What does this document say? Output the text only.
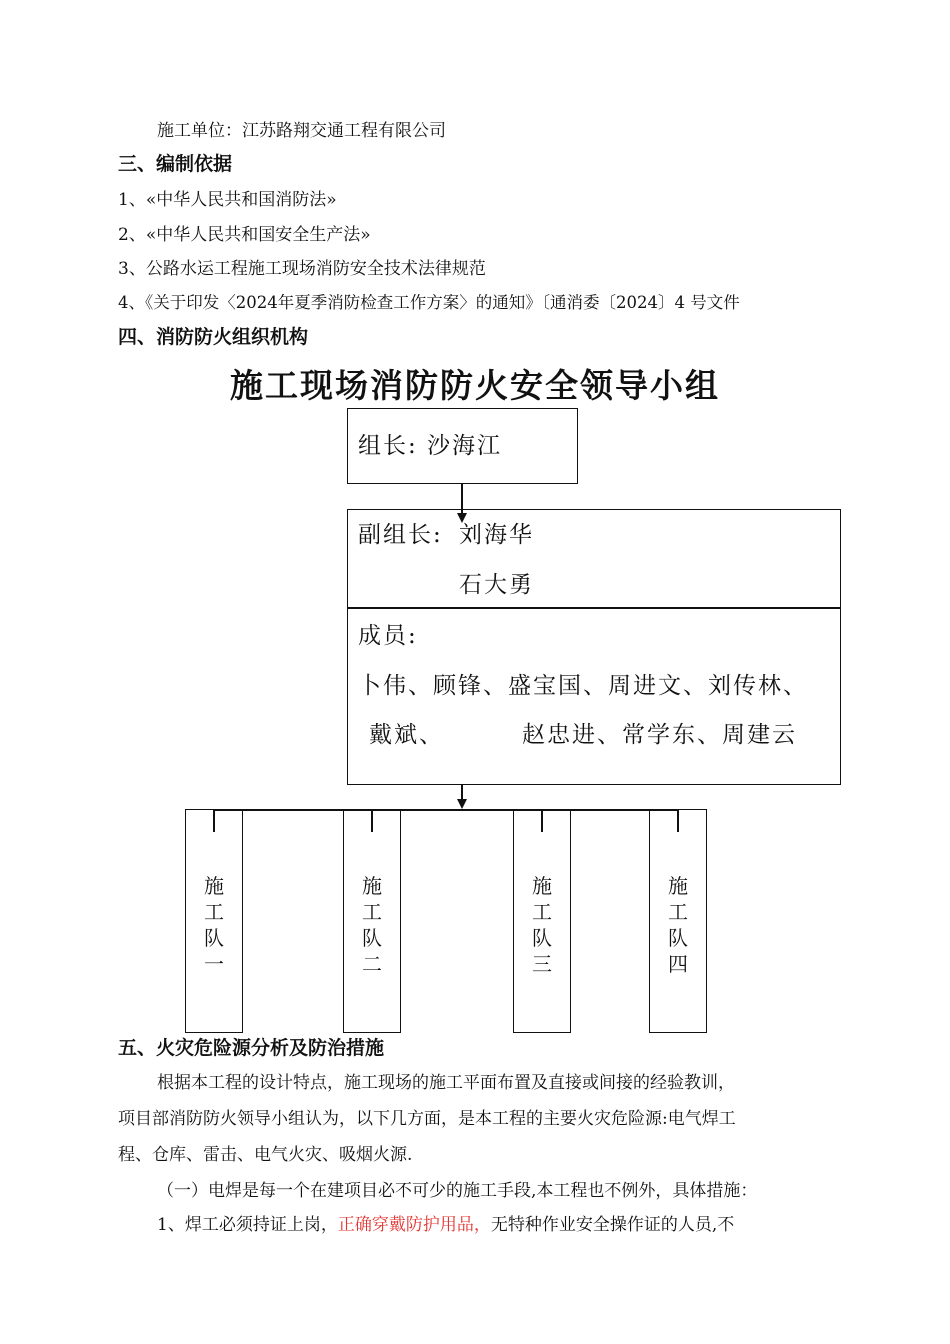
施工单位：江苏路翔交通工程有限公司
三、编制依据
1、«中华人民共和国消防法»
2、«中华人民共和国安全生产法»
3、公路水运工程施工现场消防安全技术法律规范
4、《关于印发〈2024年夏季消防检查工作方案〉的通知》〔通消委〔2024〕4 号文件
四、消防防火组织机构
施工现场消防防火安全领导小组
组长: 沙海江
副组长: 刘海华
石大勇
成员:
卜伟、顾锋、盛宝国、周进文、刘传林、
戴斌、	赵忠进、常学东、周建云
施工队一
施工队二
施工队三
施工队四
五、火灾危险源分析及防治措施
根据本工程的设计特点，施工现场的施工平面布置及直接或间接的经验教训，
项目部消防防火领导小组认为，以下几方面，是本工程的主要火灾危险源:电气焊工
程、仓库、雷击、电气火灾、吸烟火源.
（一）电焊是每一个在建项目必不可少的施工手段,本工程也不例外，具体措施：
1、焊工必须持证上岗，正确穿戴防护用品，无特种作业安全操作证的人员,不
